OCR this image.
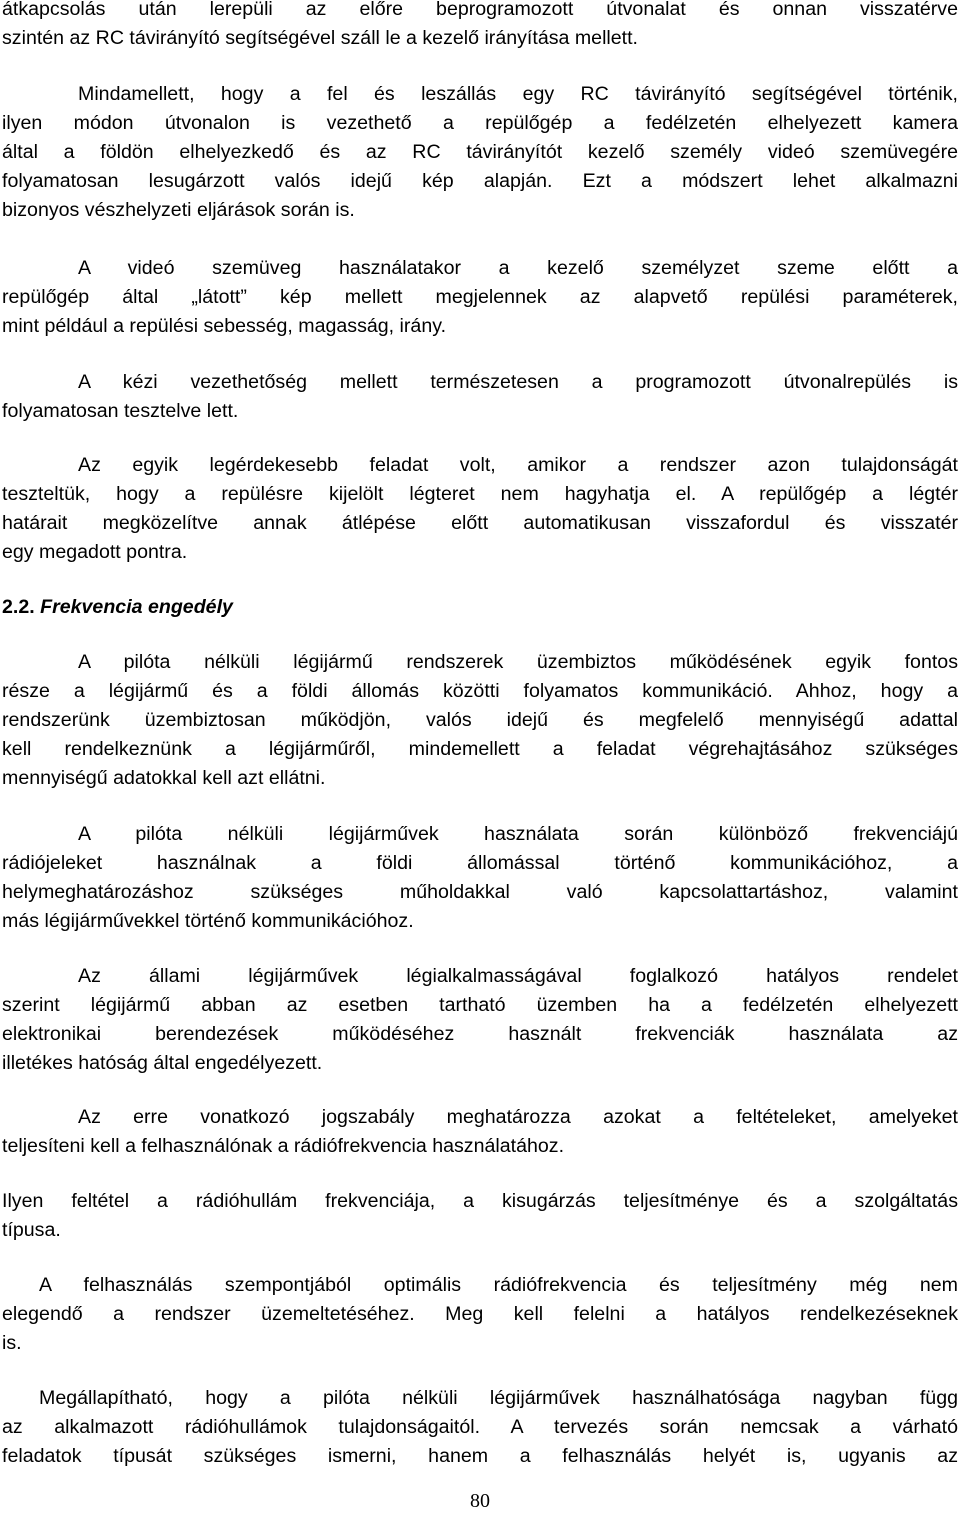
átkapcsolás után lerepüli az előre beprogramozott útvonalat és onnan visszatérve
szintén az RC távirányító segítségével száll le a kezelő irányítása mellett.
Mindamellett, hogy a fel és leszállás egy RC távirányító segítségével történik,
ilyen módon útvonalon is vezethető a repülőgép a fedélzetén elhelyezett kamera
által a földön elhelyezkedő és az RC távirányítót kezelő személy videó szemüvegére
folyamatosan lesugárzott valós idejű kép alapján. Ezt a módszert lehet alkalmazni
bizonyos vészhelyzeti eljárások során is.
A videó szemüveg használatakor a kezelő személyzet szeme előtt a
repülőgép által „látott” kép mellett megjelennek az alapvető repülési paraméterek,
mint például a repülési sebesség, magasság, irány.
A kézi vezethetőség mellett természetesen a programozott útvonalrepülés is
folyamatosan tesztelve lett.
Az egyik legérdekesebb feladat volt, amikor a rendszer azon tulajdonságát
teszteltük, hogy a repülésre kijelölt légteret nem hagyhatja el. A repülőgép a légtér
határait megközelítve annak átlépése előtt automatikusan visszafordul és visszatér
egy megadott pontra.
2.2. Frekvencia engedély
A pilóta nélküli légijármű rendszerek üzembiztos működésének egyik fontos
része a légijármű és a földi állomás közötti folyamatos kommunikáció. Ahhoz, hogy a
rendszerünk üzembiztosan működjön, valós idejű és megfelelő mennyiségű adattal
kell rendelkeznünk a légijárműről, mindemellett a feladat végrehajtásához szükséges
mennyiségű adatokkal kell azt ellátni.
A pilóta nélküli légijárművek használata során különböző frekvenciájú
rádiójeleket használnak a földi állomással történő kommunikációhoz, a
helymeghatározáshoz szükséges műholdakkal való kapcsolattartáshoz, valamint
más légijárművekkel történő kommunikációhoz.
Az állami légijárművek légialkalmasságával foglalkozó hatályos rendelet
szerint légijármű abban az esetben tartható üzemben ha a fedélzetén elhelyezett
elektronikai berendezések működéséhez használt frekvenciák használata az
illetékes hatóság által engedélyezett.
Az erre vonatkozó jogszabály meghatározza azokat a feltételeket, amelyeket
teljesíteni kell a felhasználónak a rádiófrekvencia használatához.
Ilyen feltétel a rádióhullám frekvenciája, a kisugárzás teljesítménye és a szolgáltatás
típusa.
A felhasználás szempontjából optimális rádiófrekvencia és teljesítmény még nem
elegendő a rendszer üzemeltetéséhez. Meg kell felelni a hatályos rendelkezéseknek
is.
Megállapítható, hogy a pilóta nélküli légijárművek használhatósága nagyban függ
az alkalmazott rádióhullámok tulajdonságaitól. A tervezés során nemcsak a várható
feladatok típusát szükséges ismerni, hanem a felhasználás helyét is, ugyanis az
80
